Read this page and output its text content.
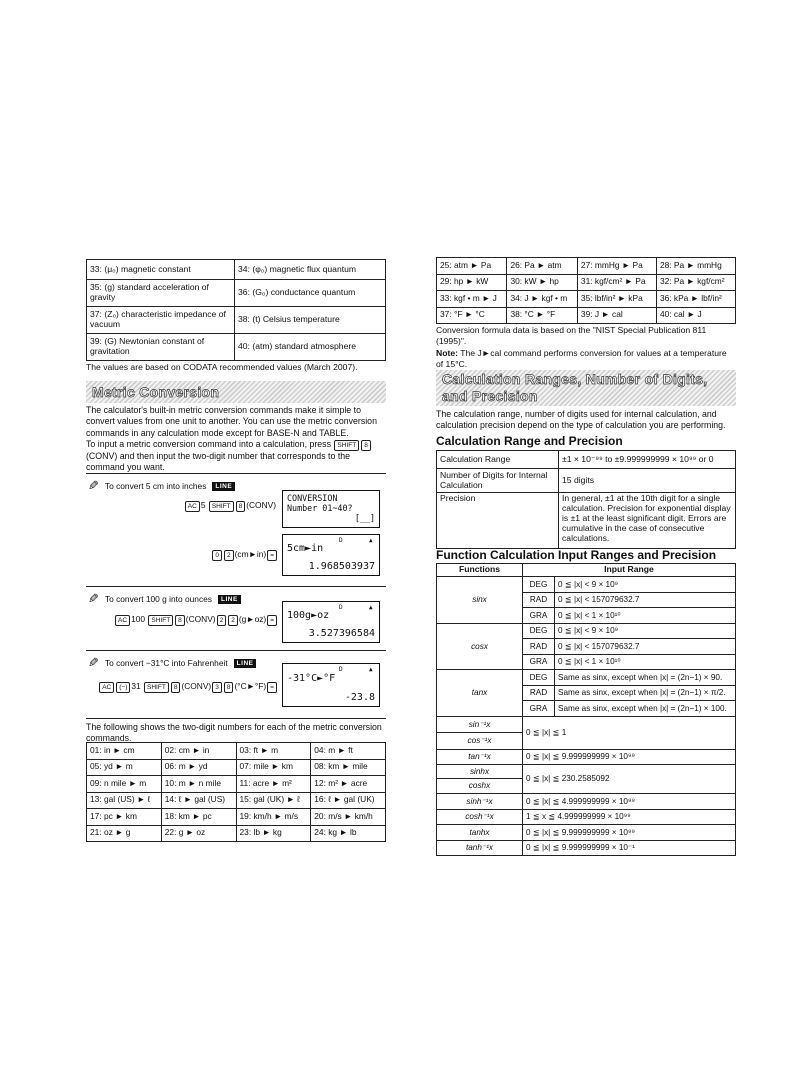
33: (μ₀) magnetic constant	34: (φ₀) magnetic flux quantum
35: (g) standard acceleration of gravity	36: (G₀) conductance quantum
37: (Z₀) characteristic impedance of vacuum	38: (t) Celsius temperature
39: (G) Newtonian constant of gravitation	40: (atm) standard atmosphere
The values are based on CODATA recommended values (March 2007).
Metric Conversion
The calculator's built-in metric conversion commands make it simple to convert values from one unit to another. You can use the metric conversion commands in any calculation mode except for BASE-N and TABLE.
To input a metric conversion command into a calculation, press SHIFT 8(CONV) and then input the two-digit number that corresponds to the command you want.
✎ To convert 5 cm into inches	LINE
AC 5 SHIFT 8 (CONV)
CONVERSION
Number 01~40?
[__]
0 2 (cm►in) =
D	▲
5cm►in
1.968503937
✎ To convert 100 g into ounces	LINE
AC 100 SHIFT 8 (CONV) 2 2 (g►oz) =
D	▲
100g►oz
3.527396584
✎ To convert −31°C into Fahrenheit	LINE
AC (−) 31 SHIFT 8 (CONV) 3 8 (°C►°F) =
D	▲
-31°C►°F
-23.8
The following shows the two-digit numbers for each of the metric conversion commands.
01: in ► cm	02: cm ► in	03: ft ► m	04: m ► ft
05: yd ► m	06: m ► yd	07: mile ► km	08: km ► mile
09: n mile ► m	10: m ► n mile	11: acre ► m²	12: m² ► acre
13: gal (US) ► ℓ	14: ℓ ► gal (US)	15: gal (UK) ► ℓ	16: ℓ ► gal (UK)
17: pc ► km	18: km ► pc	19: km/h ► m/s	20: m/s ► km/h
21: oz ► g	22: g ► oz	23: lb ► kg	24: kg ► lb
25: atm ► Pa	26: Pa ► atm	27: mmHg ► Pa	28: Pa ► mmHg
29: hp ► kW	30: kW ► hp	31: kgf/cm² ► Pa	32: Pa ► kgf/cm²
33: kgf • m ► J	34: J ► kgf • m	35: lbf/in² ► kPa	36: kPa ► lbf/in²
37: °F ► °C	38: °C ► °F	39: J ► cal	40: cal ► J
Conversion formula data is based on the "NIST Special Publication 811 (1995)".
Note: The J►cal command performs conversion for values at a temperature of 15°C.
Calculation Ranges, Number of Digits,
and Precision
The calculation range, number of digits used for internal calculation, and calculation precision depend on the type of calculation you are performing.
Calculation Range and Precision
Calculation Range	±1 × 10⁻⁹⁹ to ±9.999999999 × 10⁹⁹ or 0
Number of Digits for Internal Calculation	15 digits
Precision	In general, ±1 at the 10th digit for a single calculation. Precision for exponential display is ±1 at the least significant digit. Errors are cumulative in the case of consecutive calculations.
Function Calculation Input Ranges and Precision
Functions	Input Range	
sinx	DEG	0 ≦ |x| < 9 × 10⁹
	RAD	0 ≦ |x| < 157079632.7
	GRA	0 ≦ |x| < 1 × 10¹⁰
cosx	DEG	0 ≦ |x| < 9 × 10⁹
	RAD	0 ≦ |x| < 157079632.7
	GRA	0 ≦ |x| < 1 × 10¹⁰
tanx	DEG	Same as sinx, except when |x| = (2n−1) × 90.
	RAD	Same as sinx, except when |x| = (2n−1) × π/2.
	GRA	Same as sinx, except when |x| = (2n−1) × 100.

sin⁻¹x
cos⁻¹x	0 ≦ |x| ≦ 1	
tan⁻¹x	0 ≦ |x| ≦ 9.999999999 × 10⁹⁹	

sinhx
coshx	0 ≦ |x| ≦ 230.2585092	
sinh⁻¹x	0 ≦ |x| ≦ 4.999999999 × 10⁹⁹	
cosh⁻¹x	1 ≦ x ≦ 4.999999999 × 10⁹⁹	
tanhx	0 ≦ |x| ≦ 9.999999999 × 10⁹⁹	
tanh⁻¹x	0 ≦ |x| ≦ 9.999999999 × 10⁻¹	
